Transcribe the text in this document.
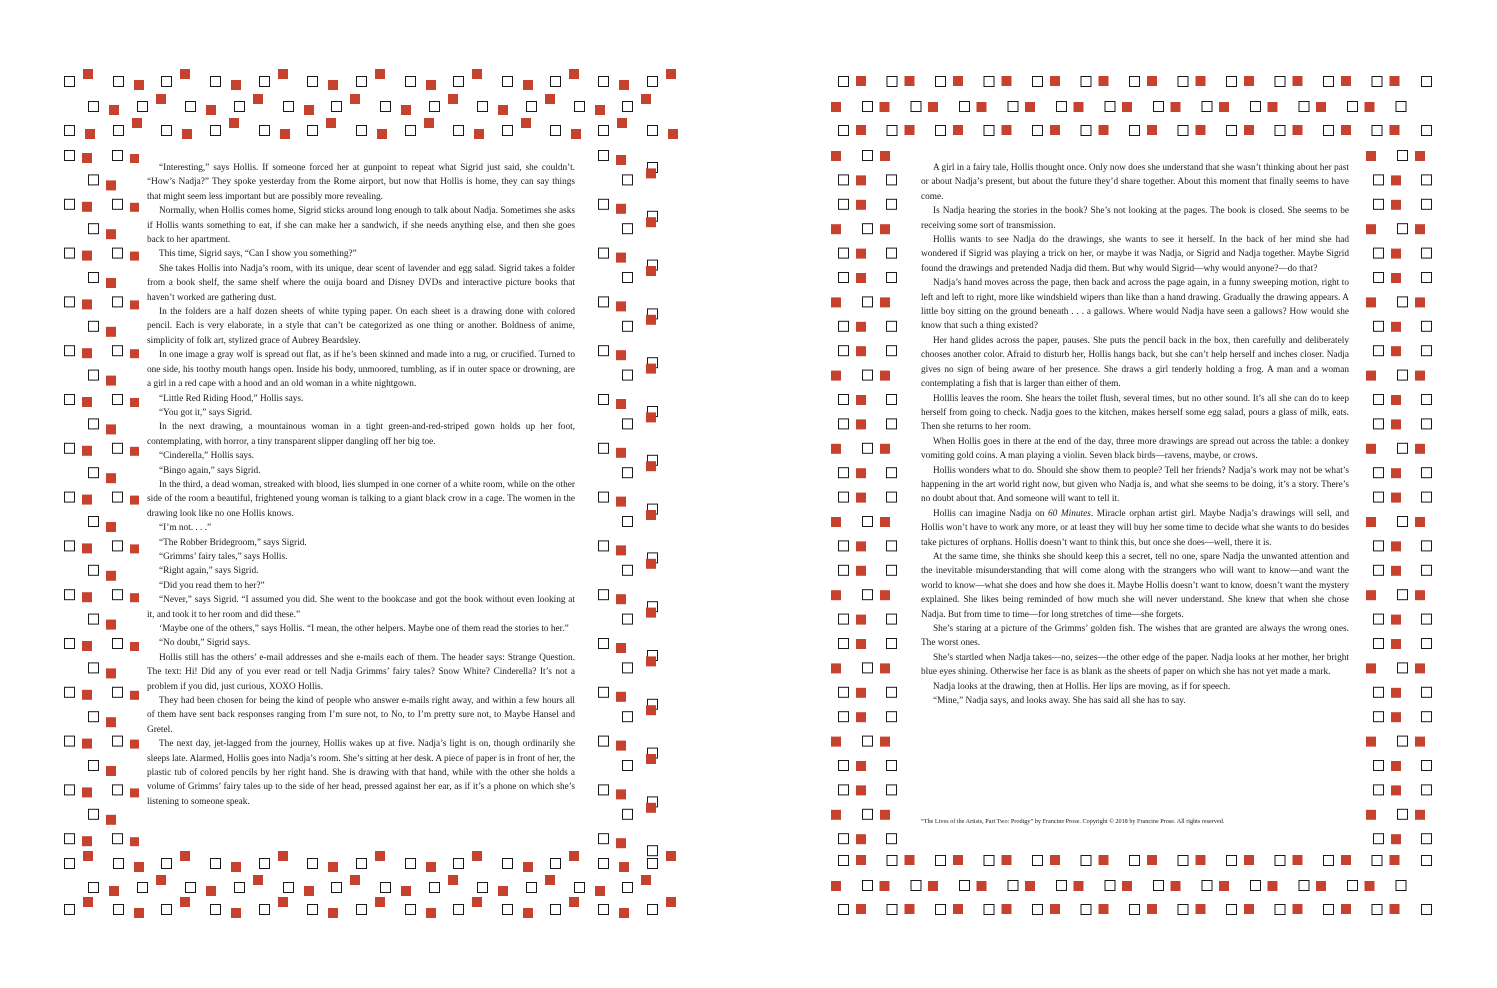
“Interesting,” says Hollis. If someone forced her at gunpoint to repeat what Sigrid just said, she couldn’t. “How’s Nadja?” They spoke yesterday from the Rome airport, but now that Hollis is home, they can say things that might seem less important but are possibly more revealing.

Normally, when Hollis comes home, Sigrid sticks around long enough to talk about Nadja. Sometimes she asks if Hollis wants something to eat, if she can make her a sandwich, if she needs anything else, and then she goes back to her apartment.

This time, Sigrid says, “Can I show you something?”

She takes Hollis into Nadja’s room, with its unique, dear scent of lavender and egg salad. Sigrid takes a folder from a book shelf, the same shelf where the ouija board and Disney DVDs and interactive picture books that haven’t worked are gathering dust.

In the folders are a half dozen sheets of white typing paper. On each sheet is a drawing done with colored pencil. Each is very elaborate, in a style that can’t be categorized as one thing or another. Boldness of anime, simplicity of folk art, stylized grace of Aubrey Beardsley.

In one image a gray wolf is spread out flat, as if he’s been skinned and made into a rug, or crucified. Turned to one side, his toothy mouth hangs open. Inside his body, unmoored, tumbling, as if in outer space or drowning, are a girl in a red cape with a hood and an old woman in a white nightgown.

“Little Red Riding Hood,” Hollis says.

“You got it,” says Sigrid.

In the next drawing, a mountainous woman in a tight green-and-red-striped gown holds up her foot, contemplating, with horror, a tiny transparent slipper dangling off her big toe.

“Cinderella,” Hollis says.

“Bingo again,” says Sigrid.

In the third, a dead woman, streaked with blood, lies slumped in one corner of a white room, while on the other side of the room a beautiful, frightened young woman is talking to a giant black crow in a cage. The women in the drawing look like no one Hollis knows.

“I’m not. . . .”

“The Robber Bridegroom,” says Sigrid.

“Grimms’ fairy tales,” says Hollis.

“Right again,” says Sigrid.

“Did you read them to her?”

“Never,” says Sigrid. “I assumed you did. She went to the bookcase and got the book without even looking at it, and took it to her room and did these.”

‘Maybe one of the others,” says Hollis. “I mean, the other helpers. Maybe one of them read the stories to her.”

“No doubt,” Sigrid says.

Hollis still has the others’ e-mail addresses and she e-mails each of them. The header says: Strange Question. The text: Hi! Did any of you ever read or tell Nadja Grimms’ fairy tales? Snow White? Cinderella? It’s not a problem if you did, just curious, XOXO Hollis.

They had been chosen for being the kind of people who answer e-mails right away, and within a few hours all of them have sent back responses ranging from I’m sure not, to No, to I’m pretty sure not, to Maybe Hansel and Gretel.

The next day, jet-lagged from the journey, Hollis wakes up at five. Nadja’s light is on, though ordinarily she sleeps late. Alarmed, Hollis goes into Nadja’s room. She’s sitting at her desk. A piece of paper is in front of her, the plastic tub of colored pencils by her right hand. She is drawing with that hand, while with the other she holds a volume of Grimms’ fairy tales up to the side of her head, pressed against her ear, as if it’s a phone on which she’s listening to someone speak.

A girl in a fairy tale, Hollis thought once. Only now does she understand that she wasn’t thinking about her past or about Nadja’s present, but about the future they’d share together. About this moment that finally seems to have come.

Is Nadja hearing the stories in the book? She’s not looking at the pages. The book is closed. She seems to be receiving some sort of transmission.

Hollis wants to see Nadja do the drawings, she wants to see it herself. In the back of her mind she had wondered if Sigrid was playing a trick on her, or maybe it was Nadja, or Sigrid and Nadja together. Maybe Sigrid found the drawings and pretended Nadja did them. But why would Sigrid—why would anyone?—do that?

Nadja’s hand moves across the page, then back and across the page again, in a funny sweeping motion, right to left and left to right, more like windshield wipers than like than a hand drawing. Gradually the drawing appears. A little boy sitting on the ground beneath . . . a gallows. Where would Nadja have seen a gallows? How would she know that such a thing existed?

Her hand glides across the paper, pauses. She puts the pencil back in the box, then carefully and deliberately chooses another color. Afraid to disturb her, Hollis hangs back, but she can’t help herself and inches closer. Nadja gives no sign of being aware of her presence. She draws a girl tenderly holding a frog. A man and a woman contemplating a fish that is larger than either of them.

Holllis leaves the room. She hears the toilet flush, several times, but no other sound. It’s all she can do to keep herself from going to check. Nadja goes to the kitchen, makes herself some egg salad, pours a glass of milk, eats. Then she returns to her room.

When Hollis goes in there at the end of the day, three more drawings are spread out across the table: a donkey vomiting gold coins. A man playing a violin. Seven black birds—ravens, maybe, or crows.

Hollis wonders what to do. Should she show them to people? Tell her friends? Nadja’s work may not be what’s happening in the art world right now, but given who Nadja is, and what she seems to be doing, it’s a story. There’s no doubt about that. And someone will want to tell it.

Hollis can imagine Nadja on 60 Minutes. Miracle orphan artist girl. Maybe Nadja’s drawings will sell, and Hollis won’t have to work any more, or at least they will buy her some time to decide what she wants to do besides take pictures of orphans. Hollis doesn’t want to think this, but once she does—well, there it is.

At the same time, she thinks she should keep this a secret, tell no one, spare Nadja the unwanted attention and the inevitable misunderstanding that will come along with the strangers who will want to know—and want the world to know—what she does and how she does it. Maybe Hollis doesn’t want to know, doesn’t want the mystery explained. She likes being reminded of how much she will never understand. She knew that when she chose Nadja. But from time to time—for long stretches of time—she forgets.

She’s staring at a picture of the Grimms’ golden fish. The wishes that are granted are always the wrong ones. The worst ones.

She’s startled when Nadja takes—no, seizes—the other edge of the paper. Nadja looks at her mother, her bright blue eyes shining. Otherwise her face is as blank as the sheets of paper on which she has not yet made a mark.

Nadja looks at the drawing, then at Hollis. Her lips are moving, as if for speech.

“Mine,” Nadja says, and looks away. She has said all she has to say.

“The Lives of the Artists, Part Two: Prodigy” by Francine Prose. Copyright © 2018 by Francine Prose. All rights reserved.
